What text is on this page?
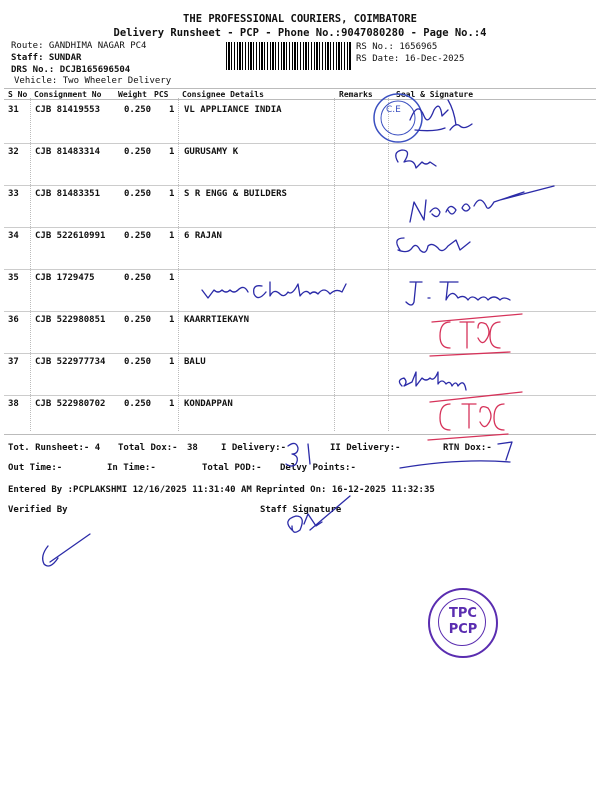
THE PROFESSIONAL COURIERS, COIMBATORE
Delivery Runsheet - PCP - Phone No.:9047080280 - Page No.:4
Route: GANDHIMA NAGAR PC4
Staff: SUNDAR
DRS No.: DCJB165696504
Vehicle: Two Wheeler Delivery
RS No.: 1656965
RS Date: 16-Dec-2025
S No Consignment No Weight PCS Consignee Details	Remarks	Seal & Signature
31 CJB 81419553	0.250 1 VL APPLIANCE INDIA
32 CJB 81483314	0.250 1 GURUSAMY K
33 CJB 81483351	0.250 1 S R ENGG & BUILDERS
34 CJB 522610991 0.250 1 6 RAJAN
35 CJB 1729475	0.250 1
36 CJB 522980851 0.250 1 KAARRTIEKAYN
37 CJB 522977734 0.250 1 BALU
38 CJB 522980702 0.250 1 KONDAPPAN
Tot. Runsheet:- 4 Total Dox:- 38	I Delivery:-	II Delivery:-	RTN Dox:-
Out Time:-	In Time:-	Total POD:- Delvy Points:-
Entered By :PCPLAKSHMI 12/16/2025 11:31:40 AM Reprinted On: 16-12-2025 11:32:35
Verified By	Staff Signature
C.E
TPC
PCP
